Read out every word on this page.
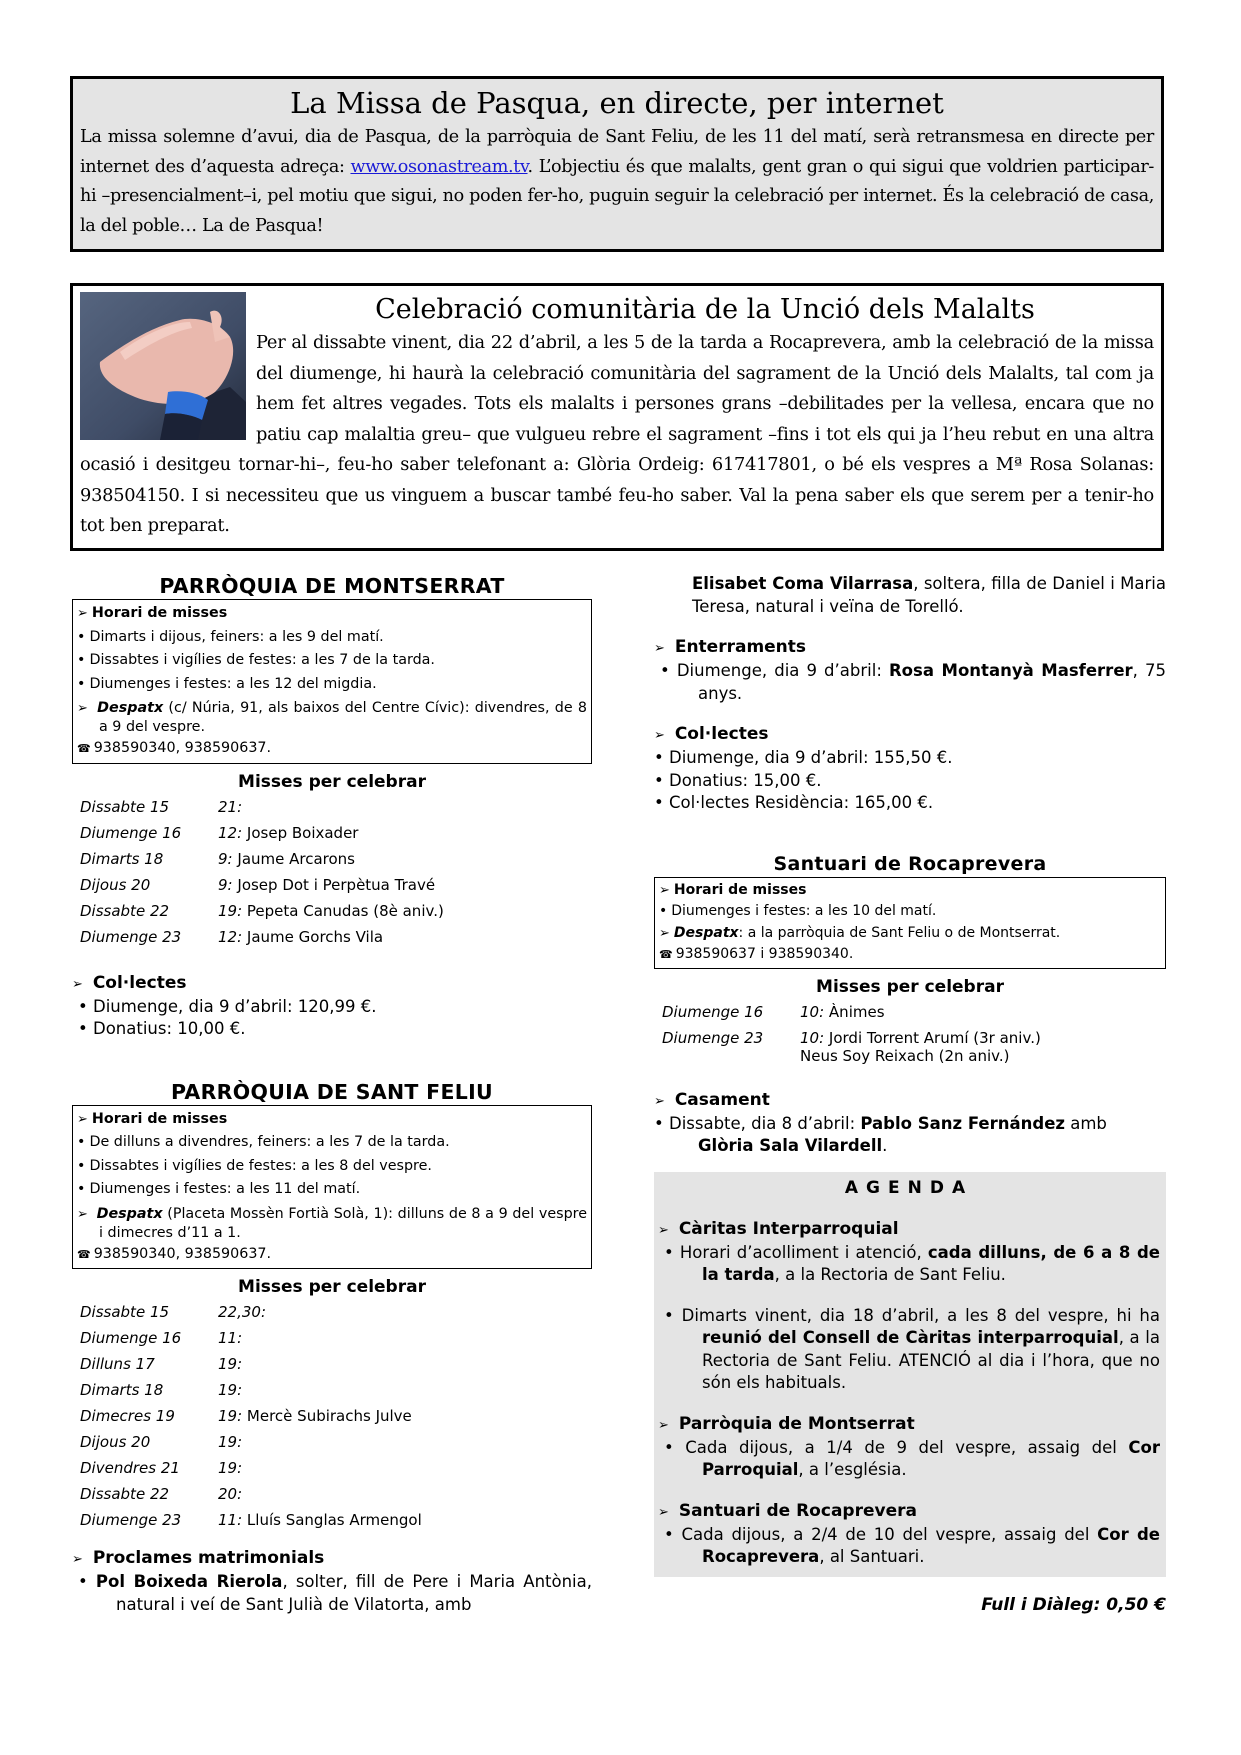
La Missa de Pasqua, en directe, per internet

La missa solemne d’avui, dia de Pasqua, de la parròquia de Sant Feliu, de les 11 del matí, serà retransmesa en directe per internet des d’aquesta adreça: www.osonastream.tv. L’objectiu és que malalts, gent gran o qui sigui que voldrien participar-hi –presencialment–i, pel motiu que sigui, no poden fer-ho, puguin seguir la celebració per internet. És la celebració de casa, la del poble… La de Pasqua!

Celebració comunitària de la Unció dels Malalts

Per al dissabte vinent, dia 22 d’abril, a les 5 de la tarda a Rocaprevera, amb la celebració de la missa del diumenge, hi haurà la celebració comunitària del sagrament de la Unció dels Malalts, tal com ja hem fet altres vegades. Tots els malalts i persones grans –debilitades per la vellesa, encara que no patiu cap malaltia greu– que vulgueu rebre el sagrament –fins i tot els qui ja l’heu rebut en una altra ocasió i desitgeu tornar-hi–, feu-ho saber telefonant a: Glòria Ordeig: 617417801, o bé els vespres a Mª Rosa Solanas: 938504150. I si necessiteu que us vinguem a buscar també feu-ho saber. Val la pena saber els que serem per a tenir-ho tot ben preparat.

PARRÒQUIA DE MONTSERRAT
➢ Horari de misses
• Dimarts i dijous, feiners: a les 9 del matí.
• Dissabtes i vigílies de festes: a les 7 de la tarda.
• Diumenges i festes: a les 12 del migdia.
➢ Despatx (c/ Núria, 91, als baixos del Centre Cívic): divendres, de 8 a 9 del vespre.
☎ 938590340, 938590637.
Misses per celebrar
Dissabte 15	21:
Diumenge 16	12: Josep Boixader
Dimarts 18	9: Jaume Arcarons
Dijous 20	9: Josep Dot i Perpètua Travé
Dissabte 22	19: Pepeta Canudas (8è aniv.)
Diumenge 23	12: Jaume Gorchs Vila

➢ Col·lectes

• Diumenge, dia 9 d’abril: 120,99 €.

• Donatius: 10,00 €.

PARRÒQUIA DE SANT FELIU
➢ Horari de misses
• De dilluns a divendres, feiners: a les 7 de la tarda.
• Dissabtes i vigílies de festes: a les 8 del vespre.
• Diumenges i festes: a les 11 del matí.
➢ Despatx (Placeta Mossèn Fortià Solà, 1): dilluns de 8 a 9 del vespre i dimecres d’11 a 1.
☎ 938590340, 938590637.
Misses per celebrar
Dissabte 15	22,30:
Diumenge 16	11:
Dilluns 17	19:
Dimarts 18	19:
Dimecres 19	19: Mercè Subirachs Julve
Dijous 20	19:
Divendres 21	19:
Dissabte 22	20:
Diumenge 23	11: Lluís Sanglas Armengol

➢ Proclames matrimonials

• Pol Boixeda Rierola, solter, fill de Pere i Maria Antònia, natural i veí de Sant Julià de Vilatorta, amb

Elisabet Coma Vilarrasa, soltera, filla de Daniel i Maria Teresa, natural i veïna de Torelló.

➢ Enterraments

• Diumenge, dia 9 d’abril: Rosa Montanyà Masferrer, 75 anys.

➢ Col·lectes

• Diumenge, dia 9 d’abril: 155,50 €.

• Donatius: 15,00 €.

• Col·lectes Residència: 165,00 €.

Santuari de Rocaprevera
➢ Horari de misses
• Diumenges i festes: a les 10 del matí.
➢ Despatx: a la parròquia de Sant Feliu o de Montserrat.
☎ 938590637 i 938590340.
Misses per celebrar
Diumenge 16	10: Ànimes
Diumenge 23	10: Jordi Torrent Arumí (3r aniv.)
Neus Soy Reixach (2n aniv.)

➢ Casament

• Dissabte, dia 8 d’abril: Pablo Sanz Fernández amb Glòria Sala Vilardell.

AGENDA

➢ Càritas Interparroquial

• Horari d’acolliment i atenció, cada dilluns, de 6 a 8 de la tarda, a la Rectoria de Sant Feliu.

• Dimarts vinent, dia 18 d’abril, a les 8 del vespre, hi ha reunió del Consell de Càritas interparroquial, a la Rectoria de Sant Feliu. ATENCIÓ al dia i l’hora, que no són els habituals.

➢ Parròquia de Montserrat

• Cada dijous, a 1/4 de 9 del vespre, assaig del Cor Parroquial, a l’església.

➢ Santuari de Rocaprevera

• Cada dijous, a 2/4 de 10 del vespre, assaig del Cor de Rocaprevera, al Santuari.

Full i Diàleg: 0,50 €
